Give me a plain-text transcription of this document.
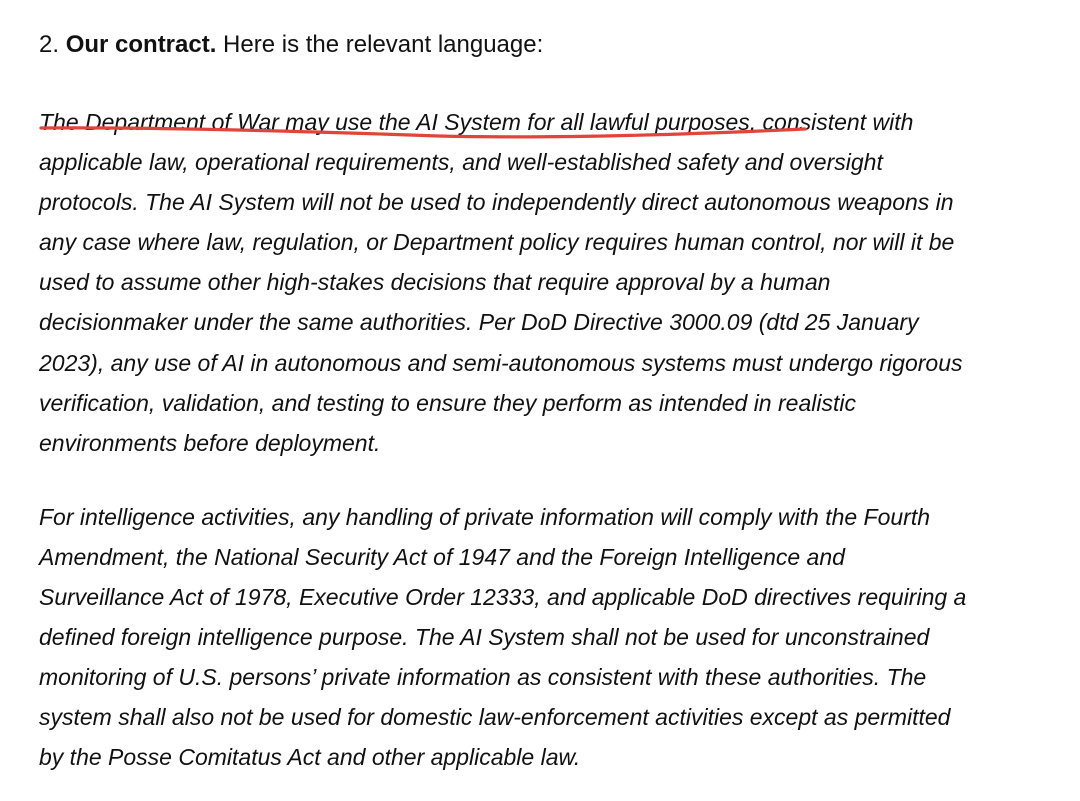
2. Our contract. Here is the relevant language:

The Department of War may use the AI System for all lawful purposes, consistent with
applicable law, operational requirements, and well-established safety and oversight
protocols. The AI System will not be used to independently direct autonomous weapons in
any case where law, regulation, or Department policy requires human control, nor will it be
used to assume other high-stakes decisions that require approval by a human
decisionmaker under the same authorities. Per DoD Directive 3000.09 (dtd 25 January
2023), any use of AI in autonomous and semi-autonomous systems must undergo rigorous
verification, validation, and testing to ensure they perform as intended in realistic
environments before deployment.
For intelligence activities, any handling of private information will comply with the Fourth
Amendment, the National Security Act of 1947 and the Foreign Intelligence and
Surveillance Act of 1978, Executive Order 12333, and applicable DoD directives requiring a
defined foreign intelligence purpose. The AI System shall not be used for unconstrained
monitoring of U.S. persons’ private information as consistent with these authorities. The
system shall also not be used for domestic law-enforcement activities except as permitted
by the Posse Comitatus Act and other applicable law.
